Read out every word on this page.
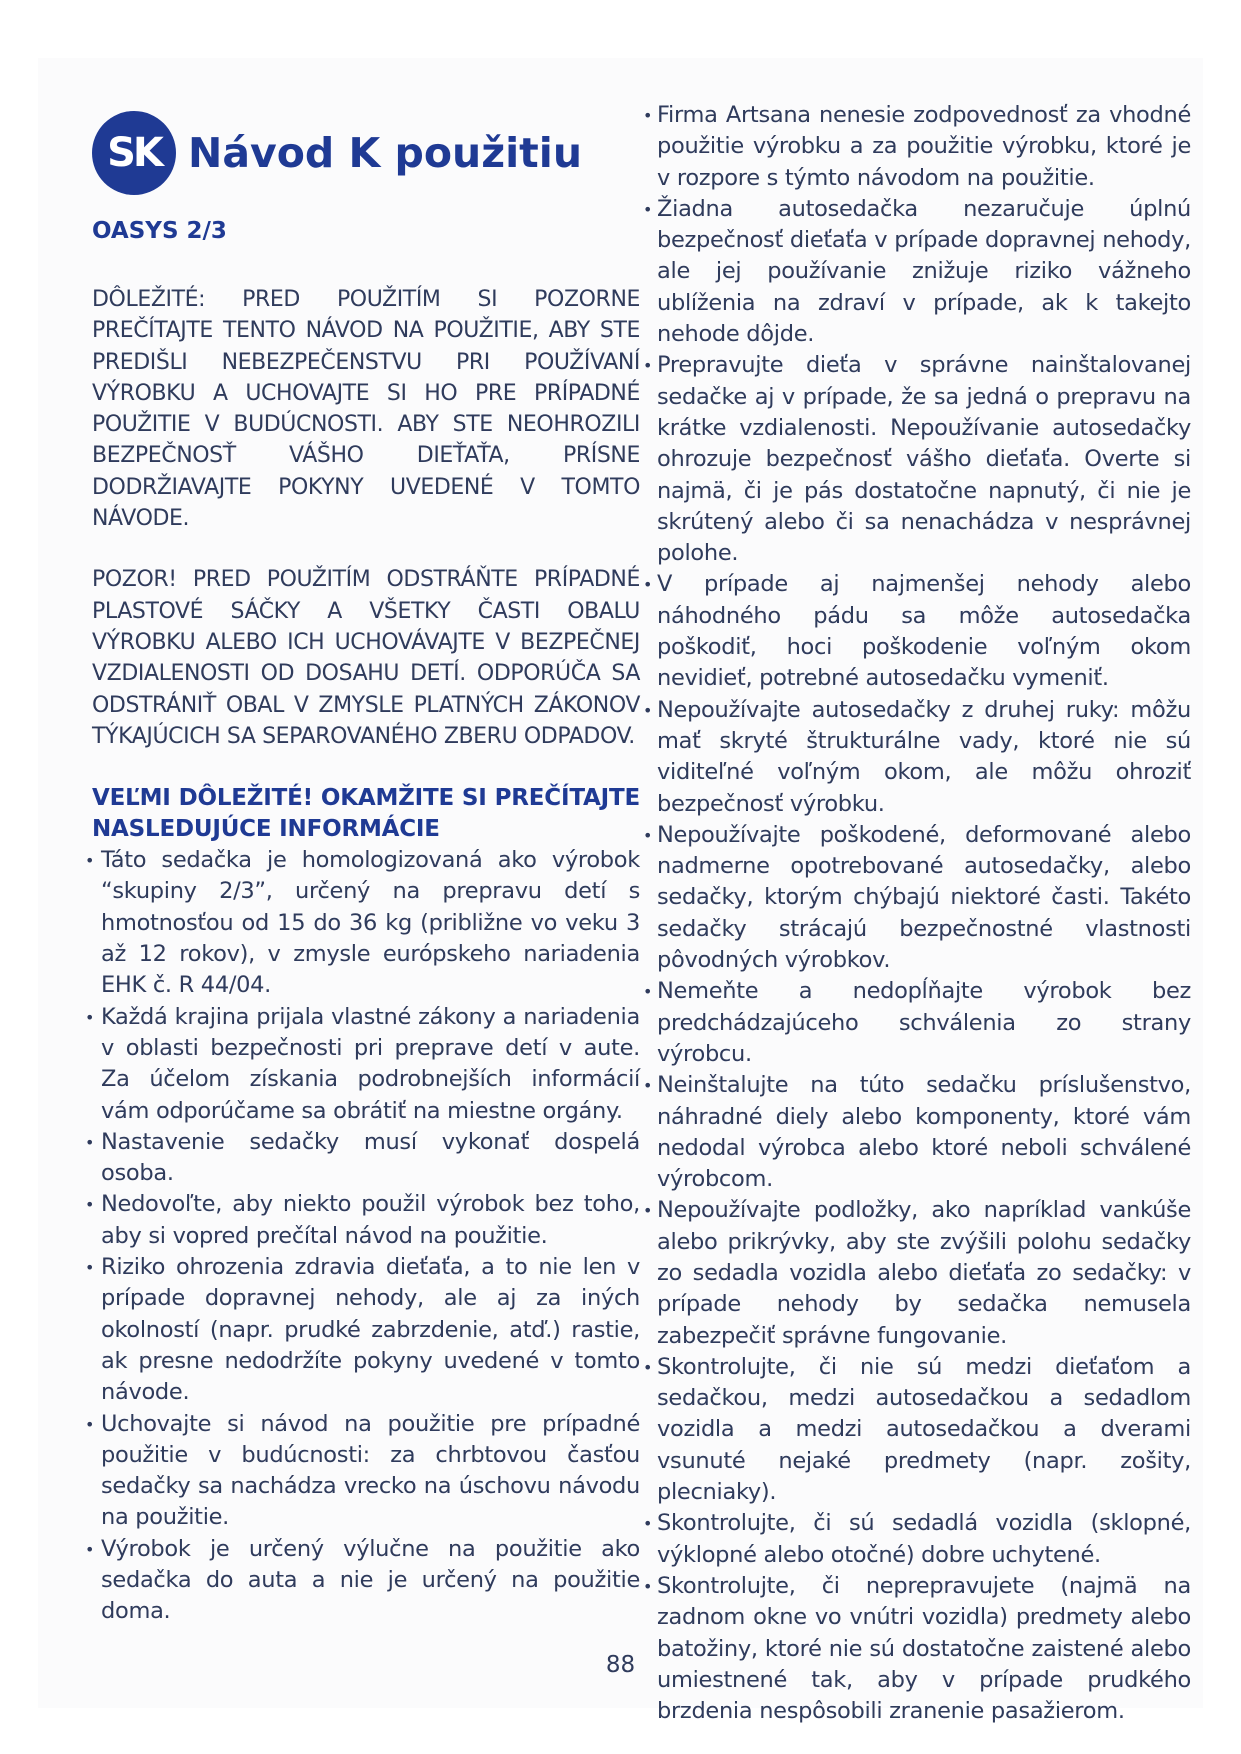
SK Návod K použitiu
OASYS 2/3

DÔLEŽITÉ: PRED POUŽITÍM SI POZORNE PREČÍTAJTE TENTO NÁVOD NA POUŽITIE, ABY STE PREDIŠLI NEBEZPEČENSTVU PRI POUŽÍVANÍ VÝROBKU A UCHOVAJTE SI HO PRE PRÍPADNÉ POUŽITIE V BUDÚCNOSTI. ABY STE NEOHROZILI BEZPEČNOSŤ VÁŠHO DIEŤAŤA, PRÍSNE DODRŽIAVAJTE POKYNY UVEDENÉ V TOMTO NÁVODE.

POZOR! PRED POUŽITÍM ODSTRÁŇTE PRÍPADNÉ PLASTOVÉ SÁČKY A VŠETKY ČASTI OBALU VÝROBKU ALEBO ICH UCHOVÁVAJTE V BEZPEČNEJ VZDIALENOSTI OD DOSAHU DETÍ. ODPORÚČA SA ODSTRÁNIŤ OBAL V ZMYSLE PLATNÝCH ZÁKONOV TÝKAJÚCICH SA SEPAROVANÉHO ZBERU ODPADOV.

VEĽMI DÔLEŽITÉ! OKAMŽITE SI PREČÍTAJTE NASLEDUJÚCE INFORMÁCIE
• Táto sedačka je homologizovaná ako výrobok “skupiny 2/3”, určený na prepravu detí s hmotnosťou od 15 do 36 kg (približne vo veku 3 až 12 rokov), v zmysle európskeho nariadenia EHK č. R 44/04.
• Každá krajina prijala vlastné zákony a nariadenia v oblasti bezpečnosti pri preprave detí v aute. Za účelom získania podrobnejších informácií vám odporúčame sa obrátiť na miestne orgány.
• Nastavenie sedačky musí vykonať dospelá osoba.
• Nedovoľte, aby niekto použil výrobok bez toho, aby si vopred prečítal návod na použitie.
• Riziko ohrozenia zdravia dieťaťa, a to nie len v prípade dopravnej nehody, ale aj za iných okolností (napr. prudké zabrzdenie, atď.) rastie, ak presne nedodržíte pokyny uvedené v tomto návode.
• Uchovajte si návod na použitie pre prípadné použitie v budúcnosti: za chrbtovou časťou sedačky sa nachádza vrecko na úschovu návodu na použitie.
• Výrobok je určený výlučne na použitie ako sedačka do auta a nie je určený na použitie doma.
• Firma Artsana nenesie zodpovednosť za vhodné použitie výrobku a za použitie výrobku, ktoré je v rozpore s týmto návodom na použitie.
• Žiadna autosedačka nezaručuje úplnú bezpečnosť dieťaťa v prípade dopravnej nehody, ale jej používanie znižuje riziko vážneho ublíženia na zdraví v prípade, ak k takejto nehode dôjde.
• Prepravujte dieťa v správne nainštalovanej sedačke aj v prípade, že sa jedná o prepravu na krátke vzdialenosti. Nepoužívanie autosedačky ohrozuje bezpečnosť vášho dieťaťa. Overte si najmä, či je pás dostatočne napnutý, či nie je skrútený alebo či sa nenachádza v nesprávnej polohe.
• V prípade aj najmenšej nehody alebo náhodného pádu sa môže autosedačka poškodiť, hoci poškodenie voľným okom nevidieť, potrebné autosedačku vymeniť.
• Nepoužívajte autosedačky z druhej ruky: môžu mať skryté štrukturálne vady, ktoré nie sú viditeľné voľným okom, ale môžu ohroziť bezpečnosť výrobku.
• Nepoužívajte poškodené, deformované alebo nadmerne opotrebované autosedačky, alebo sedačky, ktorým chýbajú niektoré časti. Takéto sedačky strácajú bezpečnostné vlastnosti pôvodných výrobkov.
• Nemeňte a nedopĺňajte výrobok bez predchádzajúceho schválenia zo strany výrobcu.
• Neinštalujte na túto sedačku príslušenstvo, náhradné diely alebo komponenty, ktoré vám nedodal výrobca alebo ktoré neboli schválené výrobcom.
• Nepoužívajte podložky, ako napríklad vankúše alebo prikrývky, aby ste zvýšili polohu sedačky zo sedadla vozidla alebo dieťaťa zo sedačky: v prípade nehody by sedačka nemusela zabezpečiť správne fungovanie.
• Skontrolujte, či nie sú medzi dieťaťom a sedačkou, medzi autosedačkou a sedadlom vozidla a medzi autosedačkou a dverami vsunuté nejaké predmety (napr. zošity, plecniaky).
• Skontrolujte, či sú sedadlá vozidla (sklopné, výklopné alebo otočné) dobre uchytené.
• Skontrolujte, či neprepravujete (najmä na zadnom okne vo vnútri vozidla) predmety alebo batožiny, ktoré nie sú dostatočne zaistené alebo umiestnené tak, aby v prípade prudkého brzdenia nespôsobili zranenie pasažierom.
88
